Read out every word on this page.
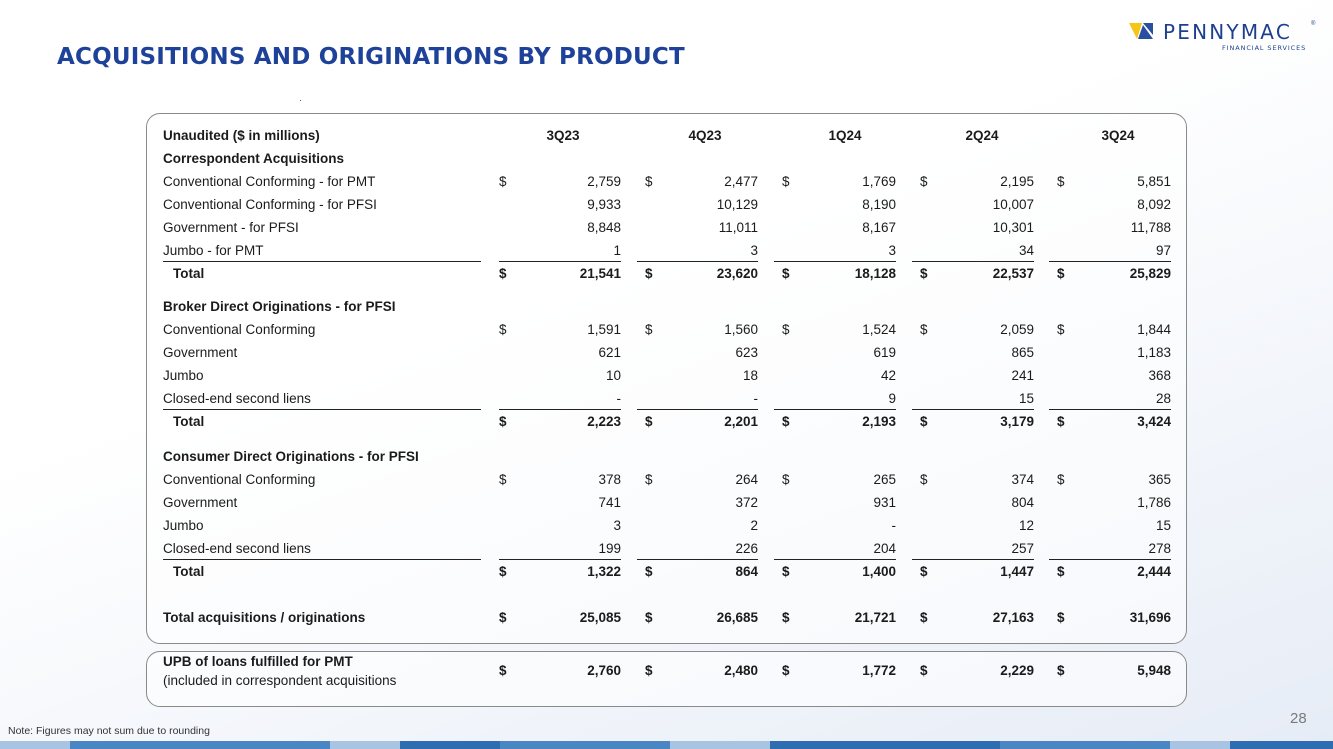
ACQUISITIONS AND ORIGINATIONS BY PRODUCT
PENNYMAC	®
FINANCIAL SERVICES
Unaudited ($ in millions)	3Q23	4Q23	1Q24	2Q24	3Q24
Correspondent Acquisitions
Conventional Conforming - for PMT	$	2,759 $	2,477 $	1,769 $	2,195 $	5,851
Conventional Conforming - for PFSI	9,933	10,129	8,190	10,007	8,092
Government - for PFSI	8,848	11,011	8,167	10,301	11,788
Jumbo - for PMT	1	3	3	34	97
Total	$	21,541 $	23,620 $	18,128 $	22,537 $	25,829
Broker Direct Originations - for PFSI
Conventional Conforming	$	1,591 $	1,560 $	1,524 $	2,059 $	1,844
Government	621	623	619	865	1,183
Jumbo	10	18	42	241	368
Closed-end second liens	-	-	9	15	28
Total	$	2,223 $	2,201 $	2,193 $	3,179 $	3,424
Consumer Direct Originations - for PFSI
Conventional Conforming	$	378 $	264 $	265 $	374 $	365
Government	741	372	931	804	1,786
Jumbo	3	2	-	12	15
Closed-end second liens	199	226	204	257	278
Total	$	1,322 $	864 $	1,400 $	1,447 $	2,444
Total acquisitions / originations	$	25,085 $	26,685 $	21,721 $	27,163 $	31,696
UPB of loans fulfilled for PMT
(included in correspondent acquisitions
$	2,760 $	2,480 $	1,772 $	2,229 $	5,948
Note: Figures may not sum due to rounding
28
